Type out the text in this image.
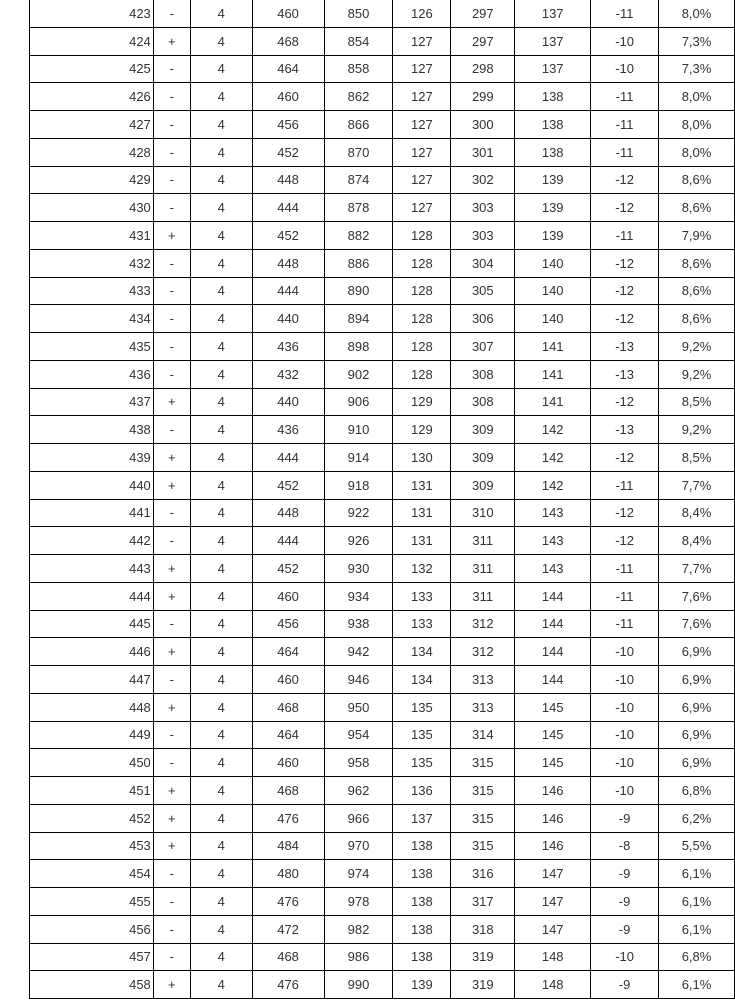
423	-	4	460	850	126	297	137	-11	8,0%
424	+	4	468	854	127	297	137	-10	7,3%
425	-	4	464	858	127	298	137	-10	7,3%
426	-	4	460	862	127	299	138	-11	8,0%
427	-	4	456	866	127	300	138	-11	8,0%
428	-	4	452	870	127	301	138	-11	8,0%
429	-	4	448	874	127	302	139	-12	8,6%
430	-	4	444	878	127	303	139	-12	8,6%
431	+	4	452	882	128	303	139	-11	7,9%
432	-	4	448	886	128	304	140	-12	8,6%
433	-	4	444	890	128	305	140	-12	8,6%
434	-	4	440	894	128	306	140	-12	8,6%
435	-	4	436	898	128	307	141	-13	9,2%
436	-	4	432	902	128	308	141	-13	9,2%
437	+	4	440	906	129	308	141	-12	8,5%
438	-	4	436	910	129	309	142	-13	9,2%
439	+	4	444	914	130	309	142	-12	8,5%
440	+	4	452	918	131	309	142	-11	7,7%
441	-	4	448	922	131	310	143	-12	8,4%
442	-	4	444	926	131	311	143	-12	8,4%
443	+	4	452	930	132	311	143	-11	7,7%
444	+	4	460	934	133	311	144	-11	7,6%
445	-	4	456	938	133	312	144	-11	7,6%
446	+	4	464	942	134	312	144	-10	6,9%
447	-	4	460	946	134	313	144	-10	6,9%
448	+	4	468	950	135	313	145	-10	6,9%
449	-	4	464	954	135	314	145	-10	6,9%
450	-	4	460	958	135	315	145	-10	6,9%
451	+	4	468	962	136	315	146	-10	6,8%
452	+	4	476	966	137	315	146	-9	6,2%
453	+	4	484	970	138	315	146	-8	5,5%
454	-	4	480	974	138	316	147	-9	6,1%
455	-	4	476	978	138	317	147	-9	6,1%
456	-	4	472	982	138	318	147	-9	6,1%
457	-	4	468	986	138	319	148	-10	6,8%
458	+	4	476	990	139	319	148	-9	6,1%
